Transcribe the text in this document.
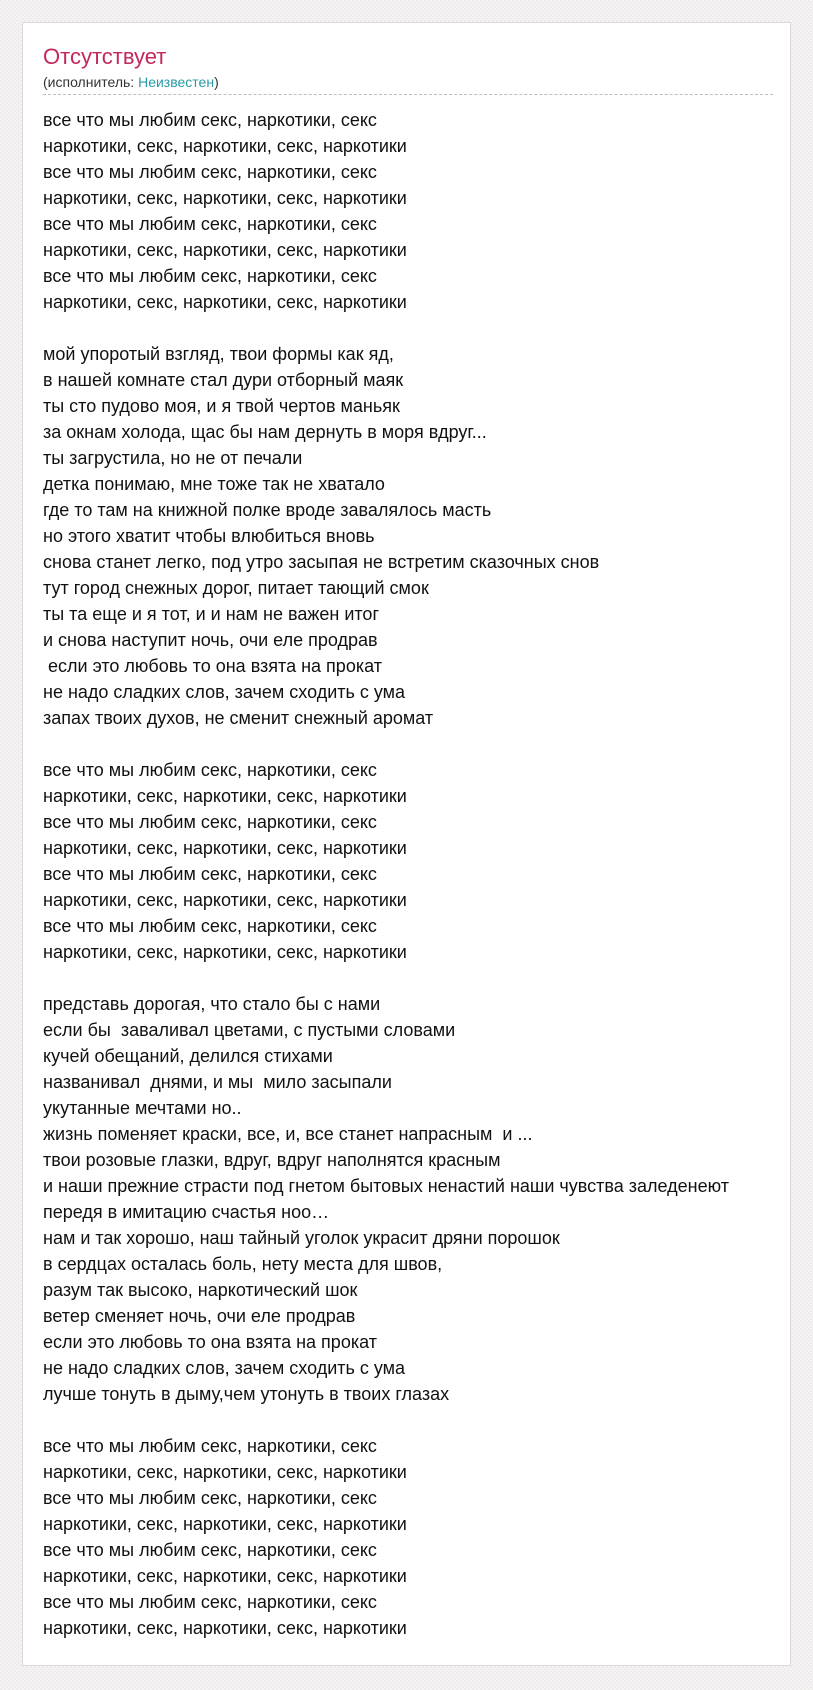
Отсутствует
(исполнитель: Неизвестен)
все что мы любим секс, наркотики, секс
наркотики, секс, наркотики, секс, наркотики
все что мы любим секс, наркотики, секс
наркотики, секс, наркотики, секс, наркотики
все что мы любим секс, наркотики, секс
наркотики, секс, наркотики, секс, наркотики
все что мы любим секс, наркотики, секс
наркотики, секс, наркотики, секс, наркотики
мой упоротый взгляд, твои формы как яд,
в нашей комнате стал дури отборный маяк
ты сто пудово моя, и я твой чертов маньяк
за окнам холода, щас бы нам дернуть в моря вдруг...
ты загрустила, но не от печали
детка понимаю, мне тоже так не хватало
где то там на книжной полке вроде завалялось масть
но этого хватит чтобы влюбиться вновь
снова станет легко, под утро засыпая не встретим сказочных снов
тут город снежных дорог, питает тающий смок
ты та еще и я тот, и и нам не важен итог
и снова наступит ночь, очи еле продрав
если это любовь то она взята на прокат
не надо сладких слов, зачем сходить с ума
запах твоих духов, не сменит снежный аромат
все что мы любим секс, наркотики, секс
наркотики, секс, наркотики, секс, наркотики
все что мы любим секс, наркотики, секс
наркотики, секс, наркотики, секс, наркотики
все что мы любим секс, наркотики, секс
наркотики, секс, наркотики, секс, наркотики
все что мы любим секс, наркотики, секс
наркотики, секс, наркотики, секс, наркотики
представь дорогая, что стало бы с нами
если бы  заваливал цветами, с пустыми словами
кучей обещаний, делился стихами
названивал  днями, и мы  мило засыпали
укутанные мечтами но..
жизнь поменяет краски, все, и, все станет напрасным  и ...
твои розовые глазки, вдруг, вдруг наполнятся красным
и наши прежние страсти под гнетом бытовых ненастий наши чувства заледенеют
передя в имитацию счастья ноо…
нам и так хорошо, наш тайный уголок украсит дряни порошок
в сердцах осталась боль, нету места для швов,
разум так высоко, наркотический шок
ветер сменяет ночь, очи еле продрав
если это любовь то она взята на прокат
не надо сладких слов, зачем сходить с ума
лучше тонуть в дыму,чем утонуть в твоих глазах
все что мы любим секс, наркотики, секс
наркотики, секс, наркотики, секс, наркотики
все что мы любим секс, наркотики, секс
наркотики, секс, наркотики, секс, наркотики
все что мы любим секс, наркотики, секс
наркотики, секс, наркотики, секс, наркотики
все что мы любим секс, наркотики, секс
наркотики, секс, наркотики, секс, наркотики
